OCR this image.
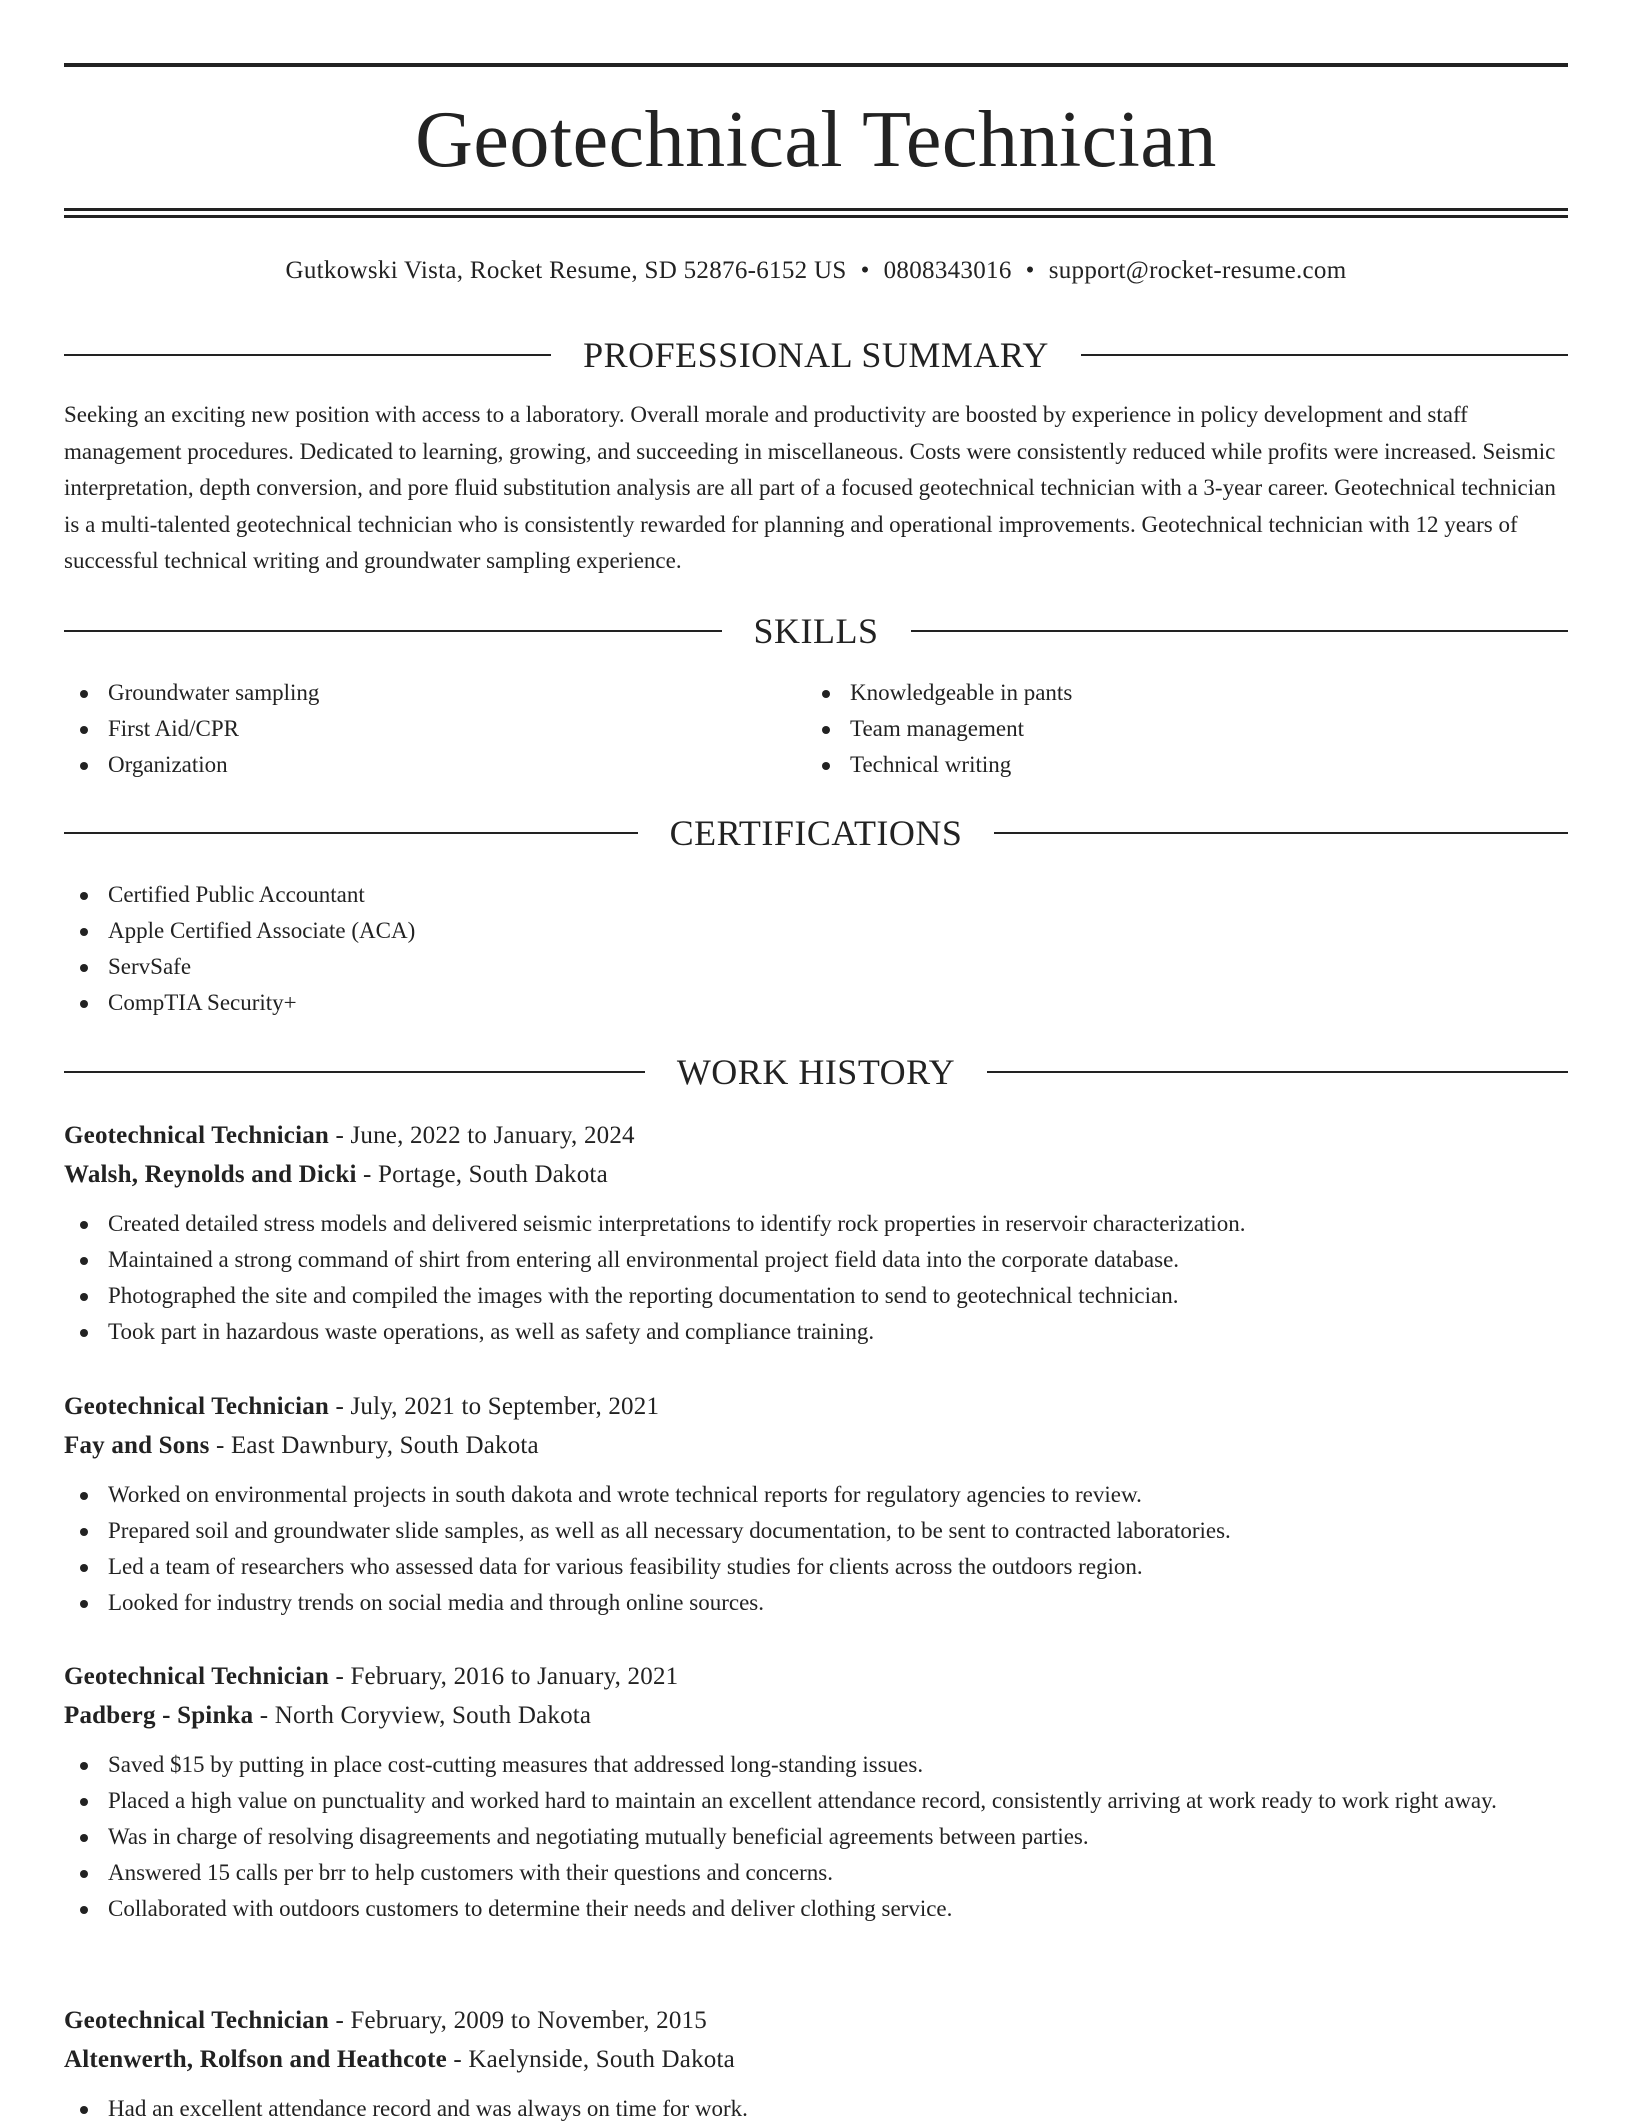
Geotechnical Technician
Gutkowski Vista, Rocket Resume, SD 52876-6152 US • 0808343016 • support@rocket-resume.com
PROFESSIONAL SUMMARY

Seeking an exciting new position with access to a laboratory. Overall morale and productivity are boosted by experience in policy development and staff management procedures. Dedicated to learning, growing, and succeeding in miscellaneous. Costs were consistently reduced while profits were increased. Seismic interpretation, depth conversion, and pore fluid substitution analysis are all part of a focused geotechnical technician with a 3-year career. Geotechnical technician is a multi-talented geotechnical technician who is consistently rewarded for planning and operational improvements. Geotechnical technician with 12 years of successful technical writing and groundwater sampling experience.

SKILLS
Groundwater sampling
First Aid/CPR
Organization
Knowledgeable in pants
Team management
Technical writing
CERTIFICATIONS
Certified Public Accountant
Apple Certified Associate (ACA)
ServSafe
CompTIA Security+
WORK HISTORY
Geotechnical Technician - June, 2022 to January, 2024
Walsh, Reynolds and Dicki - Portage, South Dakota
Created detailed stress models and delivered seismic interpretations to identify rock properties in reservoir characterization.
Maintained a strong command of shirt from entering all environmental project field data into the corporate database.
Photographed the site and compiled the images with the reporting documentation to send to geotechnical technician.
Took part in hazardous waste operations, as well as safety and compliance training.
Geotechnical Technician - July, 2021 to September, 2021
Fay and Sons - East Dawnbury, South Dakota
Worked on environmental projects in south dakota and wrote technical reports for regulatory agencies to review.
Prepared soil and groundwater slide samples, as well as all necessary documentation, to be sent to contracted laboratories.
Led a team of researchers who assessed data for various feasibility studies for clients across the outdoors region.
Looked for industry trends on social media and through online sources.
Geotechnical Technician - February, 2016 to January, 2021
Padberg - Spinka - North Coryview, South Dakota
Saved $15 by putting in place cost-cutting measures that addressed long-standing issues.
Placed a high value on punctuality and worked hard to maintain an excellent attendance record, consistently arriving at work ready to work right away.
Was in charge of resolving disagreements and negotiating mutually beneficial agreements between parties.
Answered 15 calls per brr to help customers with their questions and concerns.
Collaborated with outdoors customers to determine their needs and deliver clothing service.
Geotechnical Technician - February, 2009 to November, 2015
Altenwerth, Rolfson and Heathcote - Kaelynside, South Dakota
Had an excellent attendance record and was always on time for work.
